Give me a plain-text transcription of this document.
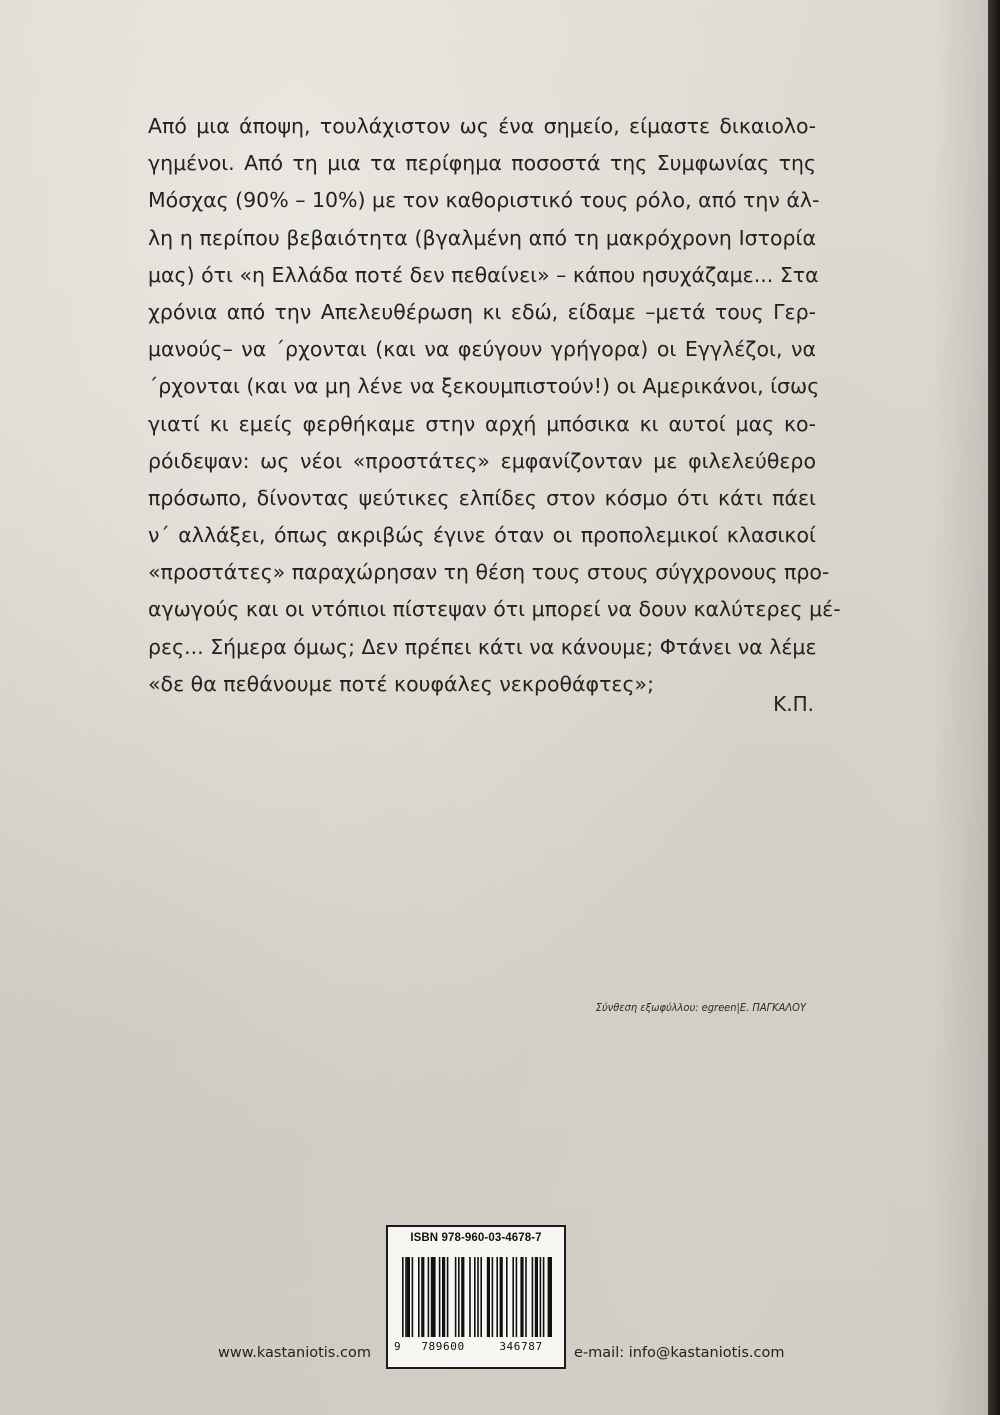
Από μια άποψη, τουλάχιστον ως ένα σημείο, είμαστε δικαιολο-
γημένοι. Από τη μια τα περίφημα ποσοστά της Συμφωνίας της
Μόσχας (90% – 10%) με τον καθοριστικό τους ρόλο, από την άλ-
λη η περίπου βεβαιότητα (βγαλμένη από τη μακρόχρονη Ιστορία
μας) ότι «η Ελλάδα ποτέ δεν πεθαίνει» – κάπου ησυχάζαμε... Στα
χρόνια από την Απελευθέρωση κι εδώ, είδαμε –μετά τους Γερ-
μανούς– να ΄ρχονται (και να φεύγουν γρήγορα) οι Εγγλέζοι, να
΄ρχονται (και να μη λένε να ξεκουμπιστούν!) οι Αμερικάνοι, ίσως
γιατί κι εμείς φερθήκαμε στην αρχή μπόσικα κι αυτοί μας κο-
ρόιδεψαν: ως νέοι «προστάτες» εμφανίζονταν με φιλελεύθερο
πρόσωπο, δίνοντας ψεύτικες ελπίδες στον κόσμο ότι κάτι πάει
ν΄ αλλάξει, όπως ακριβώς έγινε όταν οι προπολεμικοί κλασικοί
«προστάτες» παραχώρησαν τη θέση τους στους σύγχρονους προ-
αγωγούς και οι ντόπιοι πίστεψαν ότι μπορεί να δουν καλύτερες μέ-
ρες... Σήμερα όμως; Δεν πρέπει κάτι να κάνουμε; Φτάνει να λέμε
«δε θα πεθάνουμε ποτέ κουφάλες νεκροθάφτες»;
Κ.Π.
Σύνθεση εξωφύλλου: egreen|Ε. ΠΑΓΚΑΛΟΥ
ISBN 978-960-03-4678-7
9	789600	346787
www.kastaniotis.com	e-mail: info@kastaniotis.com
